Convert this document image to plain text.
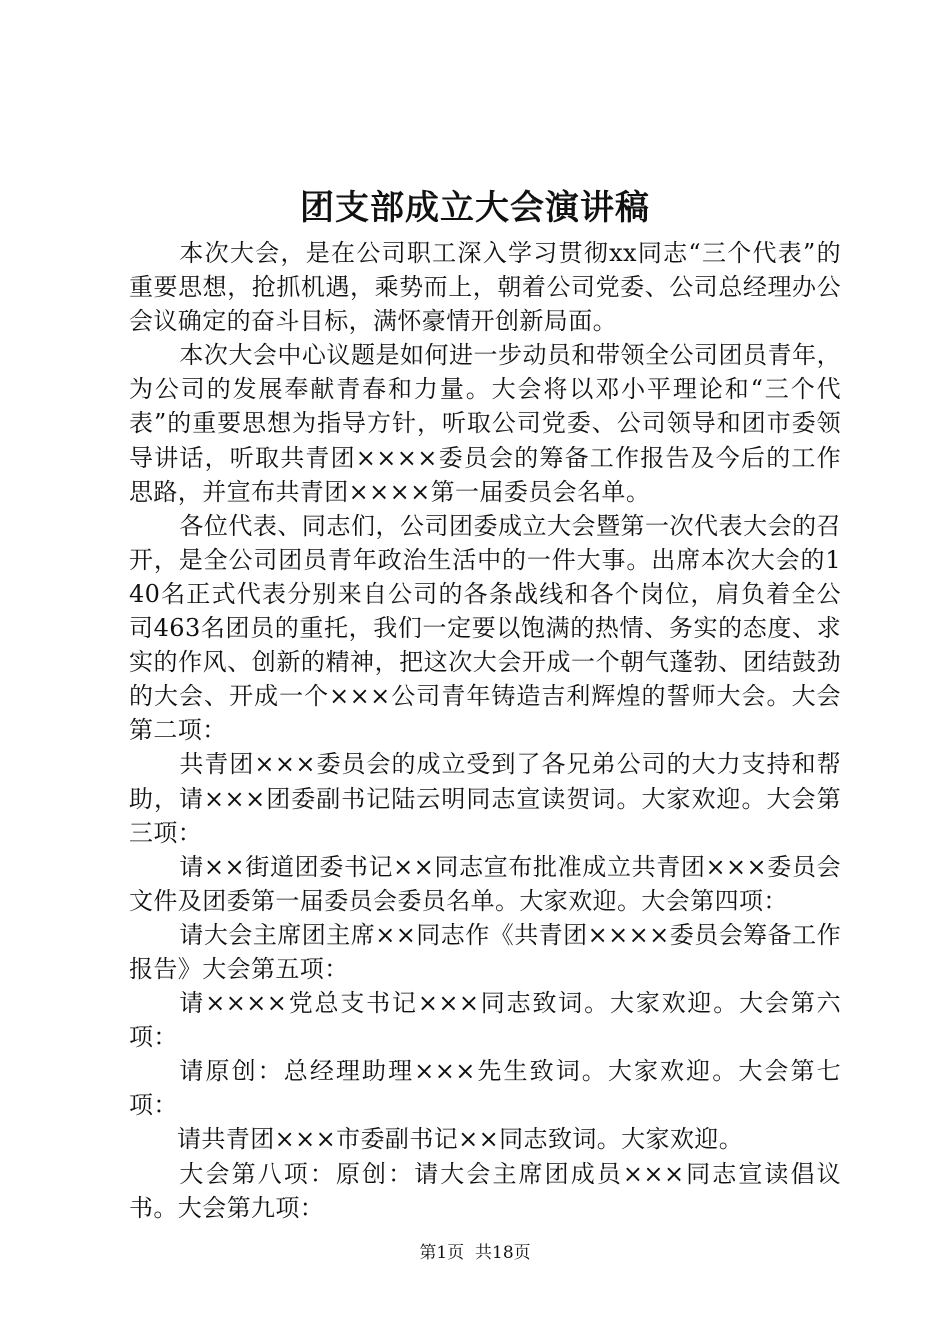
团支部成立大会演讲稿

本次大会，是在公司职工深入学习贯彻xx同志“三个代表”的重要思想，抢抓机遇，乘势而上，朝着公司党委、公司总经理办公会议确定的奋斗目标，满怀豪情开创新局面。

本次大会中心议题是如何进一步动员和带领全公司团员青年，为公司的发展奉献青春和力量。大会将以邓小平理论和“三个代表”的重要思想为指导方针，听取公司党委、公司领导和团市委领导讲话，听取共青团××××委员会的筹备工作报告及今后的工作思路，并宣布共青团××××第一届委员会名单。

各位代表、同志们，公司团委成立大会暨第一次代表大会的召开，是全公司团员青年政治生活中的一件大事。出席本次大会的140名正式代表分别来自公司的各条战线和各个岗位，肩负着全公司463名团员的重托，我们一定要以饱满的热情、务实的态度、求实的作风、创新的精神，把这次大会开成一个朝气蓬勃、团结鼓劲的大会、开成一个×××公司青年铸造吉利辉煌的誓师大会。大会第二项：

共青团×××委员会的成立受到了各兄弟公司的大力支持和帮助，请×××团委副书记陆云明同志宣读贺词。大家欢迎。大会第三项：

请××街道团委书记××同志宣布批准成立共青团×××委员会文件及团委第一届委员会委员名单。大家欢迎。大会第四项：

请大会主席团主席××同志作《共青团××××委员会筹备工作报告》大会第五项：

请××××党总支书记×××同志致词。大家欢迎。大会第六项：

请原创：总经理助理×××先生致词。大家欢迎。大会第七项：

请共青团×××市委副书记××同志致词。大家欢迎。

大会第八项：原创：请大会主席团成员×××同志宣读倡议书。大会第九项：

第1页 共18页
